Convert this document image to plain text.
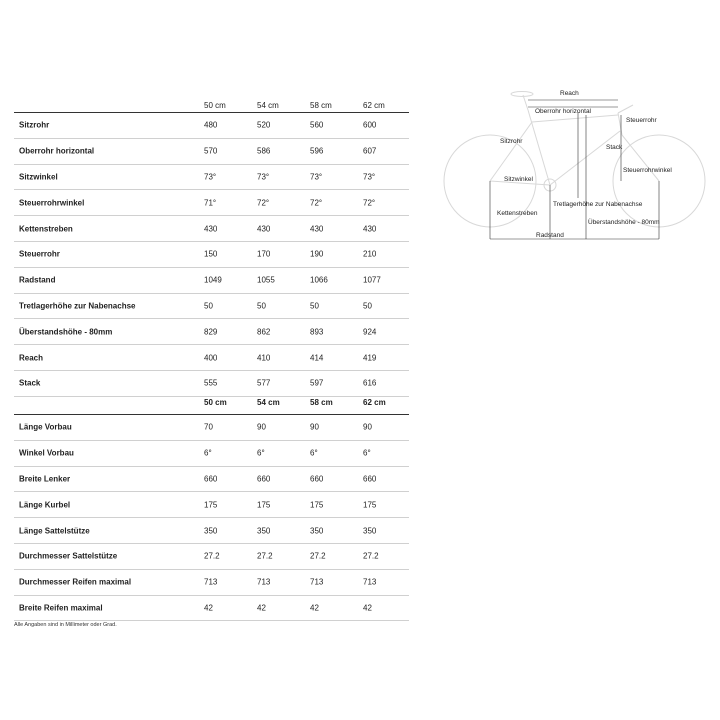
50 cm	54 cm	58 cm	62 cm
Sitzrohr	480	520	560	600
Oberrohr horizontal	570	586	596	607
Sitzwinkel	73°	73°	73°	73°
Steuerrohrwinkel	71°	72°	72°	72°
Kettenstreben	430	430	430	430
Steuerrohr	150	170	190	210
Radstand	1049	1055	1066	1077
Tretlagerhöhe zur Nabenachse	50	50	50	50
Überstandshöhe - 80mm	829	862	893	924
Reach	400	410	414	419
Stack	555	577	597	616
50 cm	54 cm	58 cm	62 cm
Länge Vorbau	70	90	90	90
Winkel Vorbau	6°	6°	6°	6°
Breite Lenker	660	660	660	660
Länge Kurbel	175	175	175	175
Länge Sattelstütze	350	350	350	350
Durchmesser Sattelstütze	27.2	27.2	27.2	27.2
Durchmesser Reifen maximal	713	713	713	713
Breite Reifen maximal	42	42	42	42
Alle Angaben sind in Millimeter oder Grad.
Reach
Oberrohr horizontal
Sitzrohr
Steuerrohr
Stack
Steuerrohrwinkel
Sitzwinkel
Kettenstreben
Tretlagerhöhe zur Nabenachse
Überstandshöhe - 80mm
Radstand
